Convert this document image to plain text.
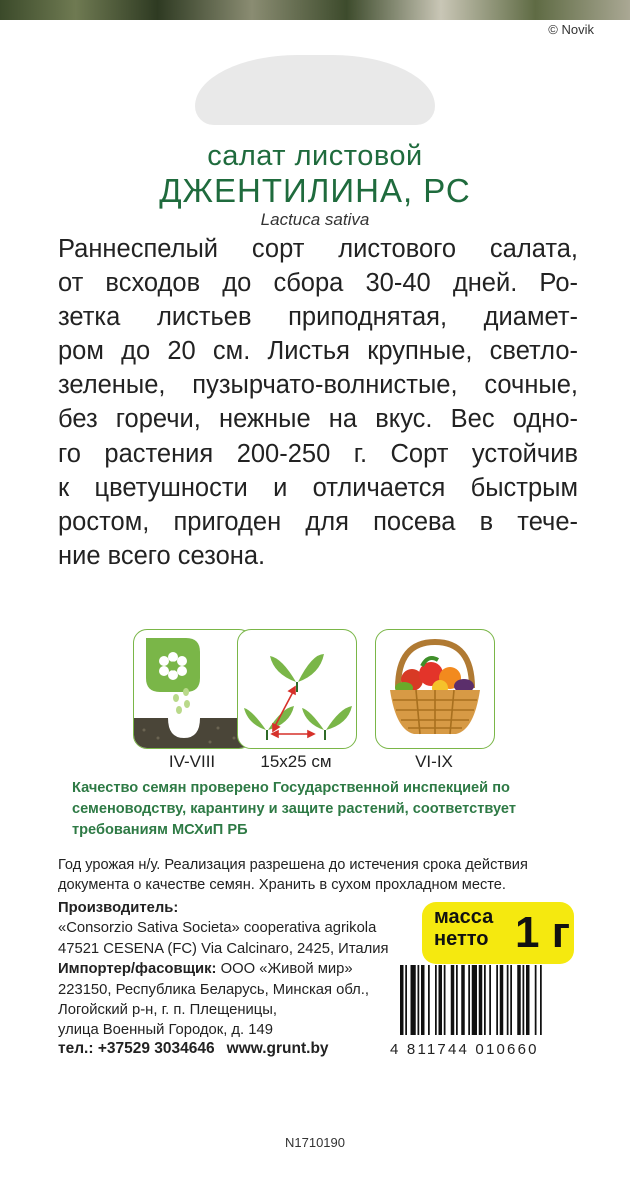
© Novik
салат листовой
ДЖЕНТИЛИНА, РС
Lactuca sativa
Раннеспелый сорт листового салата,
от всходов до сбора 30-40 дней. Ро-
зетка листьев приподнятая, диамет-
ром до 20 см. Листья крупные, светло-
зеленые, пузырчато-волнистые, сочные,
без горечи, нежные на вкус. Вес одно-
го растения 200-250 г. Сорт устойчив
к цветушности и отличается быстрым
ростом, пригоден для посева в тече-
ние всего сезона.
IV-VIII	15х25 см	VI-IX
Качество семян проверено Государственной инспекцией по
семеноводству, карантину и защите растений, соответствует
требованиям МСХиП РБ
Год урожая н/у. Реализация разрешена до истечения срока действия
документа о качестве семян. Хранить в сухом прохладном месте.
Производитель:
«Consorzio Sativa Societa» cooperativa agrikola
47521 CESENA (FC) Via Calcinaro, 2425, Италия
Импортер/фасовщик: ООО «Живой мир»
223150, Республика Беларусь, Минская обл.,
Логойский р-н, г. п. Плещеницы,
улица Военный Городок, д. 149
тел.: +37529 3034646 www.grunt.by
масса
нетто 1 г
4 811744 010660
N1710190
